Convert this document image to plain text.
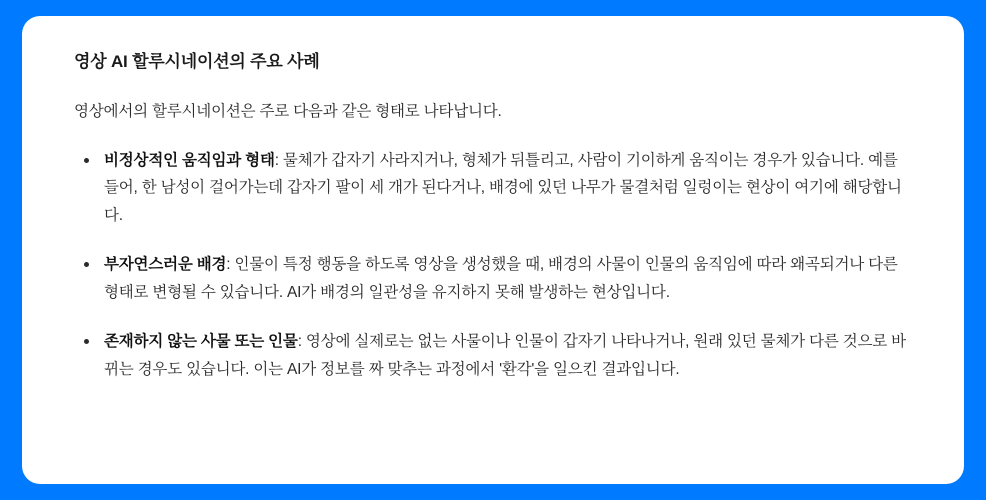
영상 AI 할루시네이션의 주요 사례

영상에서의 할루시네이션은 주로 다음과 같은 형태로 나타납니다.

비정상적인 움직임과 형태: 물체가 갑자기 사라지거나, 형체가 뒤틀리고, 사람이 기이하게 움직이는 경우가 있습니다. 예를 들어, 한 남성이 걸어가는데 갑자기 팔이 세 개가 된다거나, 배경에 있던 나무가 물결처럼 일렁이는 현상이 여기에 해당합니다.
부자연스러운 배경: 인물이 특정 행동을 하도록 영상을 생성했을 때, 배경의 사물이 인물의 움직임에 따라 왜곡되거나 다른 형태로 변형될 수 있습니다. AI가 배경의 일관성을 유지하지 못해 발생하는 현상입니다.
존재하지 않는 사물 또는 인물: 영상에 실제로는 없는 사물이나 인물이 갑자기 나타나거나, 원래 있던 물체가 다른 것으로 바뀌는 경우도 있습니다. 이는 AI가 정보를 짜 맞추는 과정에서 '환각'을 일으킨 결과입니다.
